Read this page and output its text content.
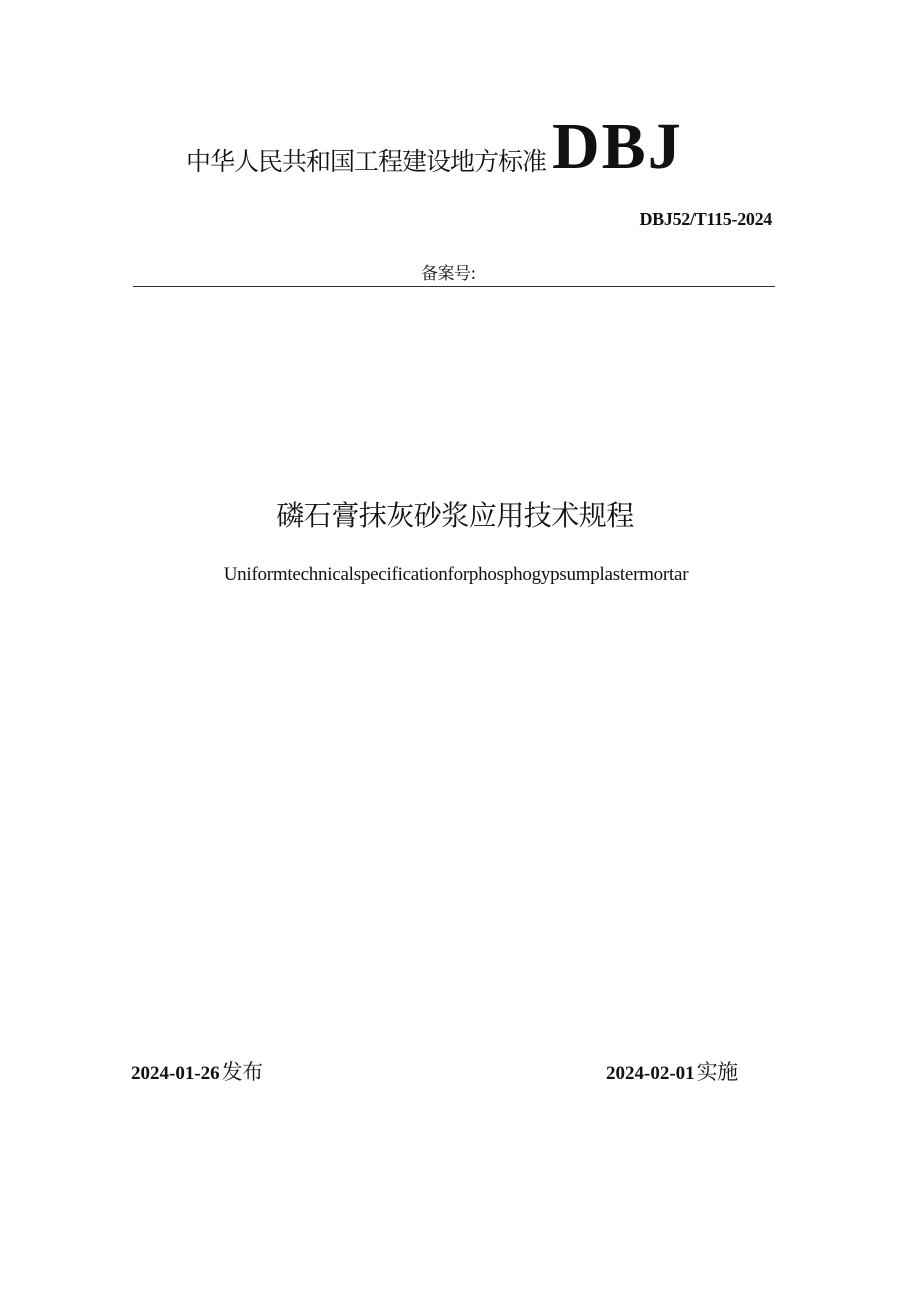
中华人民共和国工程建设地方标准 DBJ
DBJ52/T115-2024
备案号:
磷石膏抹灰砂浆应用技术规程
Uniformtechnicalspecificationforphosphogypsumplastermortar
2024-01-26 发布	2024-02-01 实施
